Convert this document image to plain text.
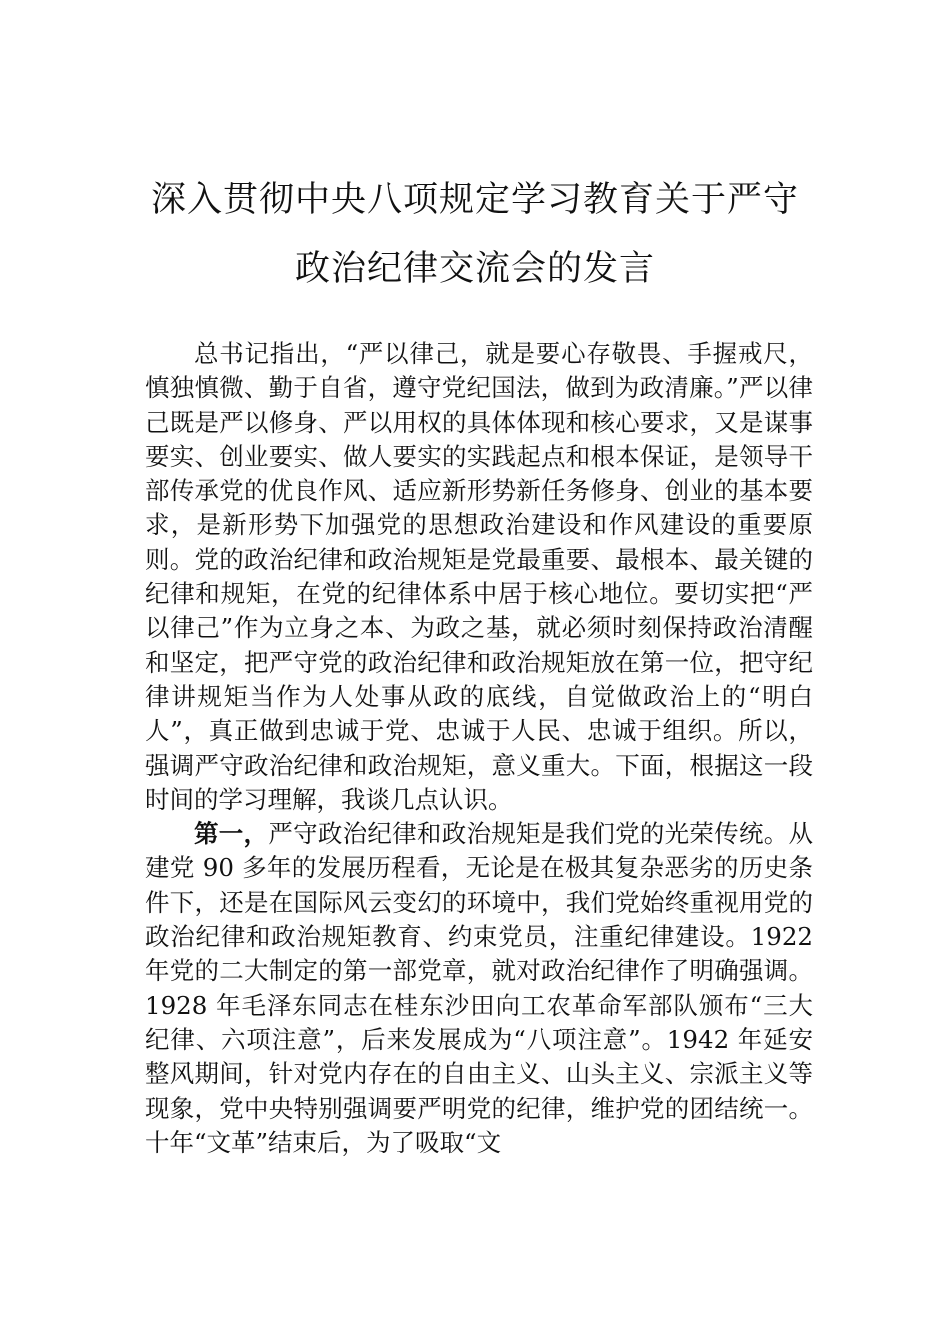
深入贯彻中央八项规定学习教育关于严守
政治纪律交流会的发言

总书记指出，“严以律己，就是要心存敬畏、手握戒尺，慎独慎微、勤于自省，遵守党纪国法，做到为政清廉。”严以律己既是严以修身、严以用权的具体体现和核心要求，又是谋事要实、创业要实、做人要实的实践起点和根本保证，是领导干部传承党的优良作风、适应新形势新任务修身、创业的基本要求，是新形势下加强党的思想政治建设和作风建设的重要原则。党的政治纪律和政治规矩是党最重要、最根本、最关键的纪律和规矩，在党的纪律体系中居于核心地位。要切实把“严以律己”作为立身之本、为政之基，就必须时刻保持政治清醒和坚定，把严守党的政治纪律和政治规矩放在第一位，把守纪律讲规矩当作为人处事从政的底线，自觉做政治上的“明白人”，真正做到忠诚于党、忠诚于人民、忠诚于组织。所以，强调严守政治纪律和政治规矩，意义重大。下面，根据这一段时间的学习理解，我谈几点认识。

第一，严守政治纪律和政治规矩是我们党的光荣传统。从建党 90 多年的发展历程看，无论是在极其复杂恶劣的历史条件下，还是在国际风云变幻的环境中，我们党始终重视用党的政治纪律和政治规矩教育、约束党员，注重纪律建设。1922 年党的二大制定的第一部党章，就对政治纪律作了明确强调。1928 年毛泽东同志在桂东沙田向工农革命军部队颁布“三大纪律、六项注意”，后来发展成为“八项注意”。1942 年延安整风期间，针对党内存在的自由主义、山头主义、宗派主义等现象，党中央特别强调要严明党的纪律，维护党的团结统一。十年“文革”结束后，为了吸取“文
